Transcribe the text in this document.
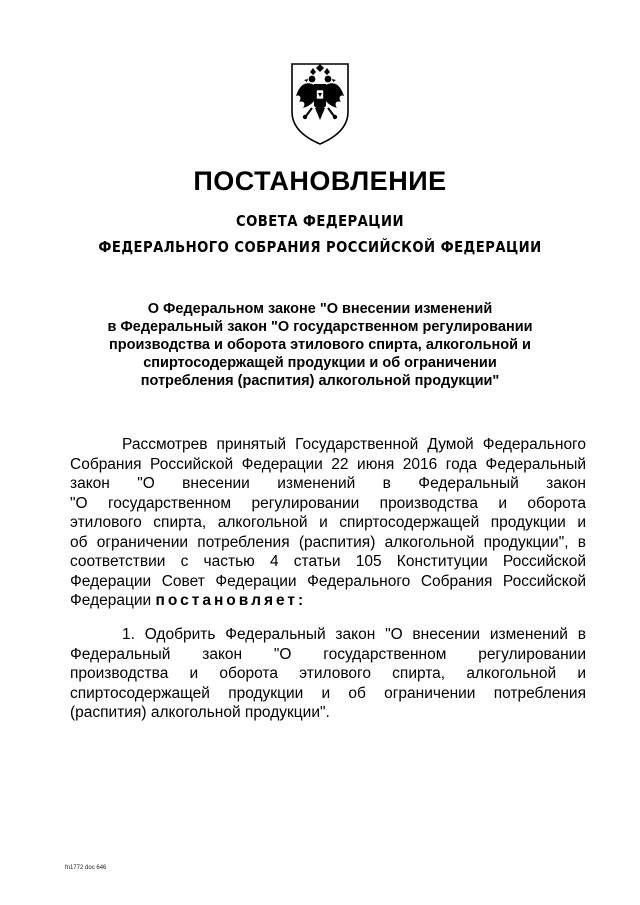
ПОСТАНОВЛЕНИЕ
СОВЕТА ФЕДЕРАЦИИ
ФЕДЕРАЛЬНОГО СОБРАНИЯ РОССИЙСКОЙ ФЕДЕРАЦИИ
О Федеральном законе "О внесении изменений
в Федеральный закон "О государственном регулировании
производства и оборота этилового спирта, алкогольной и
спиртосодержащей продукции и об ограничении
потребления (распития) алкогольной продукции"
Рассмотрев принятый Государственной Думой Федерального
Собрания Российской Федерации 22 июня 2016 года Федеральный
закон "О внесении изменений в Федеральный закон
"О государственном регулировании производства и оборота
этилового спирта, алкогольной и спиртосодержащей продукции и
об ограничении потребления (распития) алкогольной продукции", в
соответствии с частью 4 статьи 105 Конституции Российской
Федерации Совет Федерации Федерального Собрания Российской
Федерации постановляет:
1. Одобрить Федеральный закон "О внесении изменений в
Федеральный закон "О государственном регулировании
производства и оборота этилового спирта, алкогольной и
спиртосодержащей продукции и об ограничении потребления
(распития) алкогольной продукции".
fn1772 doc 646
